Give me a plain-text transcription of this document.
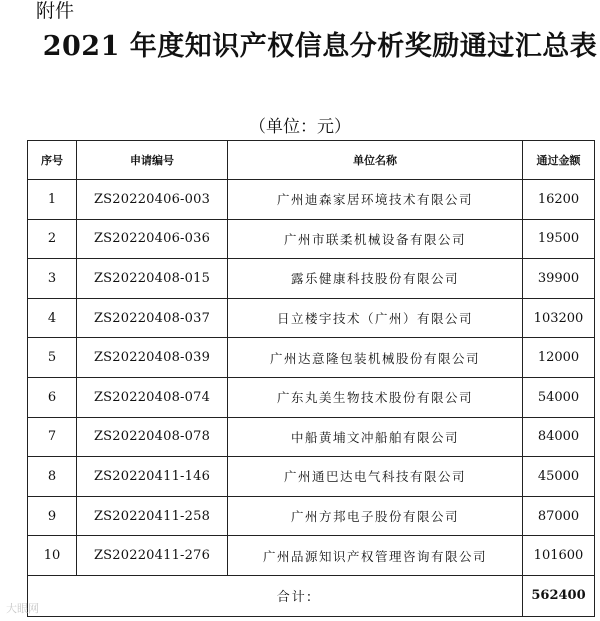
附件
2021 年度知识产权信息分析奖励通过汇总表
（单位：元）
序号	申请编号	单位名称	通过金额
1	ZS20220406-003	广州迪森家居环境技术有限公司	16200
2	ZS20220406-036	广州市联柔机械设备有限公司	19500
3	ZS20220408-015	露乐健康科技股份有限公司	39900
4	ZS20220408-037	日立楼宇技术（广州）有限公司	103200
5	ZS20220408-039	广州达意隆包装机械股份有限公司	12000
6	ZS20220408-074	广东丸美生物技术股份有限公司	54000
7	ZS20220408-078	中船黄埔文冲船舶有限公司	84000
8	ZS20220411-146	广州通巴达电气科技有限公司	45000
9	ZS20220411-258	广州方邦电子股份有限公司	87000
10	ZS20220411-276	广州品源知识产权管理咨询有限公司	101600
合计:			562400
大眼网
